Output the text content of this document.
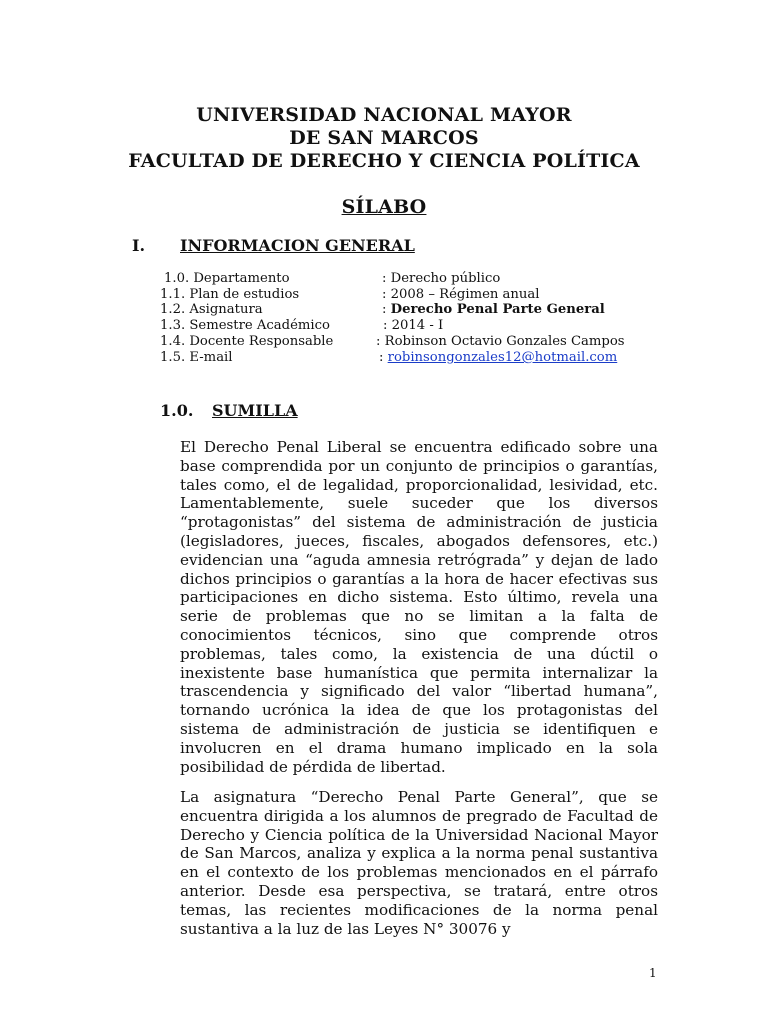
UNIVERSIDAD NACIONAL MAYOR
DE SAN MARCOS
FACULTAD DE DERECHO Y CIENCIA POLÍTICA
SÍLABO
I. INFORMACION GENERAL
1.0. Departamento	: Derecho público
1.1. Plan de estudios	: 2008 – Régimen anual
1.2. Asignatura	: Derecho Penal Parte General
1.3. Semestre Académico	: 2014 - I
1.4. Docente Responsable	: Robinson Octavio Gonzales Campos
1.5. E-mail	: robinsongonzales12@hotmail.com
1.0. SUMILLA

El Derecho Penal Liberal se encuentra edificado sobre una base comprendida por un conjunto de principios o garantías, tales como, el de legalidad, proporcionalidad, lesividad, etc. Lamentablemente, suele suceder que los diversos “protagonistas” del sistema de administración de justicia (legisladores, jueces, fiscales, abogados defensores, etc.) evidencian una “aguda amnesia retrógrada” y dejan de lado dichos principios o garantías a la hora de hacer efectivas sus participaciones en dicho sistema. Esto último, revela una serie de problemas que no se limitan a la falta de conocimientos técnicos, sino que comprende otros problemas, tales como, la existencia de una dúctil o inexistente base humanística que permita internalizar la trascendencia y significado del valor “libertad humana”, tornando ucrónica la idea de que los protagonistas del sistema de administración de justicia se identifiquen e involucren en el drama humano implicado en la sola posibilidad de pérdida de libertad.

La asignatura “Derecho Penal Parte General”, que se encuentra dirigida a los alumnos de pregrado de Facultad de Derecho y Ciencia política de la Universidad Nacional Mayor de San Marcos, analiza y explica a la norma penal sustantiva en el contexto de los problemas mencionados en el párrafo anterior. Desde esa perspectiva, se tratará, entre otros temas, las recientes modificaciones de la norma penal sustantiva a la luz de las Leyes N° 30076 y

1
